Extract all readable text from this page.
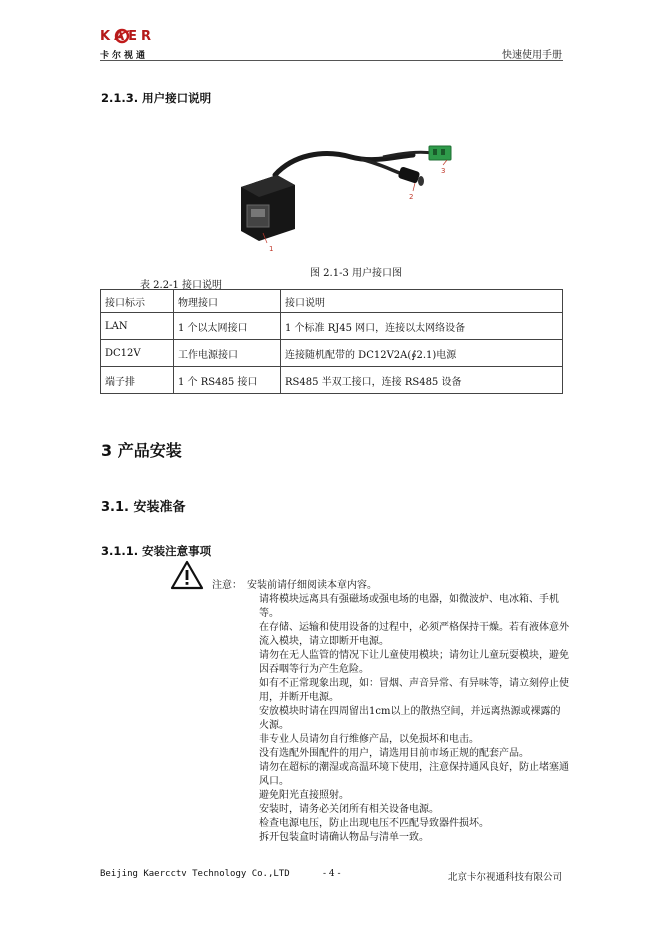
KAER
卡尔视通	快速使用手册
2.1.3. 用户接口说明
1
2
3
图 2.1-3 用户接口图
表 2.2-1 接口说明
接口标示	物理接口	接口说明
LAN	1 个以太网接口	1 个标准 RJ45 网口，连接以太网络设备
DC12V	工作电源接口	连接随机配带的 DC12V2A(∮2.1)电源
端子排	1 个 RS485 接口	RS485 半双工接口，连接 RS485 设备
3 产品安装
3.1. 安装准备
3.1.1. 安装注意事项
注意： 安装前请仔细阅读本章内容。

请将模块远离具有强磁场或强电场的电器，如微波炉、电冰箱、手机等。

在存储、运输和使用设备的过程中，必须严格保持干燥。若有液体意外流入模块，请立即断开电源。

请勿在无人监管的情况下让儿童使用模块；请勿让儿童玩耍模块，避免因吞咽等行为产生危险。

如有不正常现象出现，如：冒烟、声音异常、有异味等，请立刻停止使用，并断开电源。

安放模块时请在四周留出1cm以上的散热空间，并远离热源或裸露的火源。

非专业人员请勿自行维修产品，以免损坏和电击。

没有选配外围配件的用户，请选用目前市场正规的配套产品。

请勿在超标的潮湿或高温环境下使用，注意保持通风良好，防止堵塞通风口。

避免阳光直接照射。

安装时，请务必关闭所有相关设备电源。

检查电源电压，防止出现电压不匹配导致器件损坏。

拆开包装盒时请确认物品与清单一致。

Beijing Kaercctv Technology Co.,LTD	- 4 -	北京卡尔视通科技有限公司
